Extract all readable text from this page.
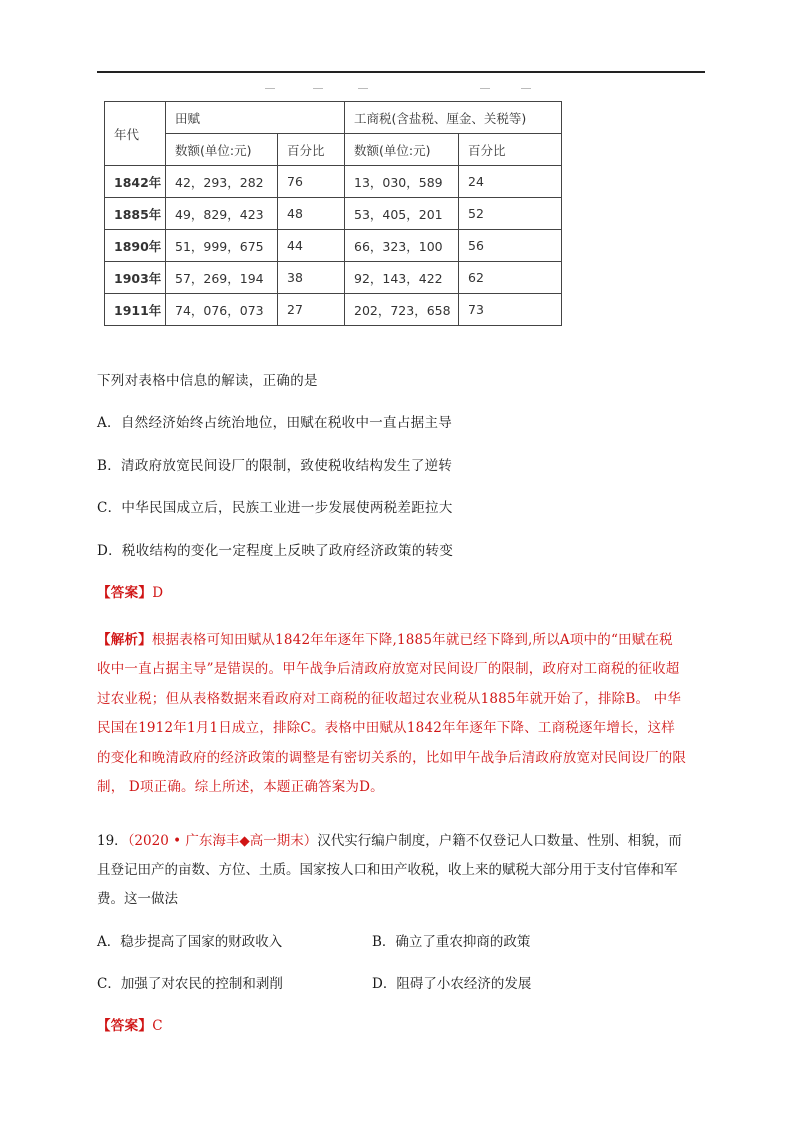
年代	田赋		工商税(含盐税、厘金、关税等)	
	数额(单位:元)	百分比	数额(单位:元)	百分比
1842年	42，293，282	76	13，030，589	24
1885年	49，829，423	48	53，405，201	52
1890年	51，999，675	44	66，323，100	56
1903年	57，269，194	38	92，143，422	62
1911年	74，076，073	27	202，723，658	73
下列对表格中信息的解读，正确的是
A．自然经济始终占统治地位，田赋在税收中一直占据主导
B．清政府放宽民间设厂的限制，致使税收结构发生了逆转
C．中华民国成立后，民族工业进一步发展使两税差距拉大
D．税收结构的变化一定程度上反映了政府经济政策的转变
【答案】D

【解析】根据表格可知田赋从1842年年逐年下降,1885年就已经下降到,所以A项中的“田赋在税

收中一直占据主导”是错误的。甲午战争后清政府放宽对民间设厂的限制，政府对工商税的征收超

过农业税；但从表格数据来看政府对工商税的征收超过农业税从1885年就开始了，排除B。 中华

民国在1912年1月1日成立，排除C。表格中田赋从1842年年逐年下降、工商税逐年增长，这样

的变化和晚清政府的经济政策的调整是有密切关系的，比如甲午战争后清政府放宽对民间设厂的限

制， D项正确。综上所述，本题正确答案为D。

19．（2020 • 广东海丰◆高一期末）汉代实行编户制度，户籍不仅登记人口数量、性别、相貌，而

且登记田产的亩数、方位、土质。国家按人口和田产收税，收上来的赋税大部分用于支付官俸和军

费。这一做法

A．稳步提高了国家的财政收入	B．确立了重农抑商的政策
C．加强了对农民的控制和剥削	D．阻碍了小农经济的发展
【答案】C
